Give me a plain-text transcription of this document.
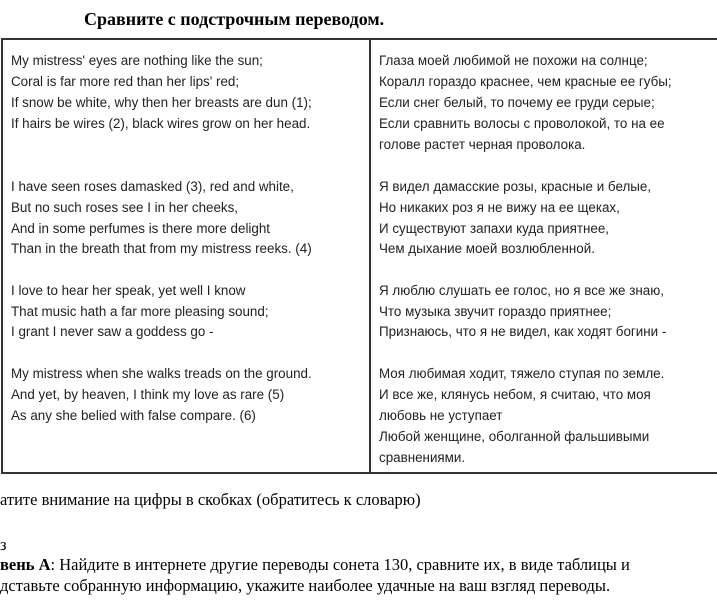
Сравните с подстрочным переводом.
My mistress' eyes are nothing like the sun;
Coral is far more red than her lips' red;
If snow be white, why then her breasts are dun (1);
If hairs be wires (2), black wires grow on her head.
I have seen roses damasked (3), red and white,
But no such roses see I in her cheeks,
And in some perfumes is there more delight
Than in the breath that from my mistress reeks. (4)
I love to hear her speak, yet well I know
That music hath a far more pleasing sound;
I grant I never saw a goddess go -
My mistress when she walks treads on the ground.
And yet, by heaven, I think my love as rare (5)
As any she belied with false compare. (6)
Глаза моей любимой не похожи на солнце;
Коралл гораздо краснее, чем красные ее губы;
Если снег белый, то почему ее груди серые;
Если сравнить волосы с проволокой, то на ее
голове растет черная проволока.
Я видел дамасские розы, красные и белые,
Но никаких роз я не вижу на ее щеках,
И существуют запахи куда приятнее,
Чем дыхание моей возлюбленной.
Я люблю слушать ее голос, но я все же знаю,
Что музыка звучит гораздо приятнее;
Признаюсь, что я не видел, как ходят богини -
Моя любимая ходит, тяжело ступая по земле.
И все же, клянусь небом, я считаю, что моя
любовь не уступает
Любой женщине, оболганной фальшивыми
сравнениями.
атите внимание на цифры в скобках (обратитесь к словарю)
з
вень А: Найдите в интернете другие переводы сонета 130, сравните их, в виде таблицы и
дставьте собранную информацию, укажите наиболее удачные на ваш взгляд переводы.
